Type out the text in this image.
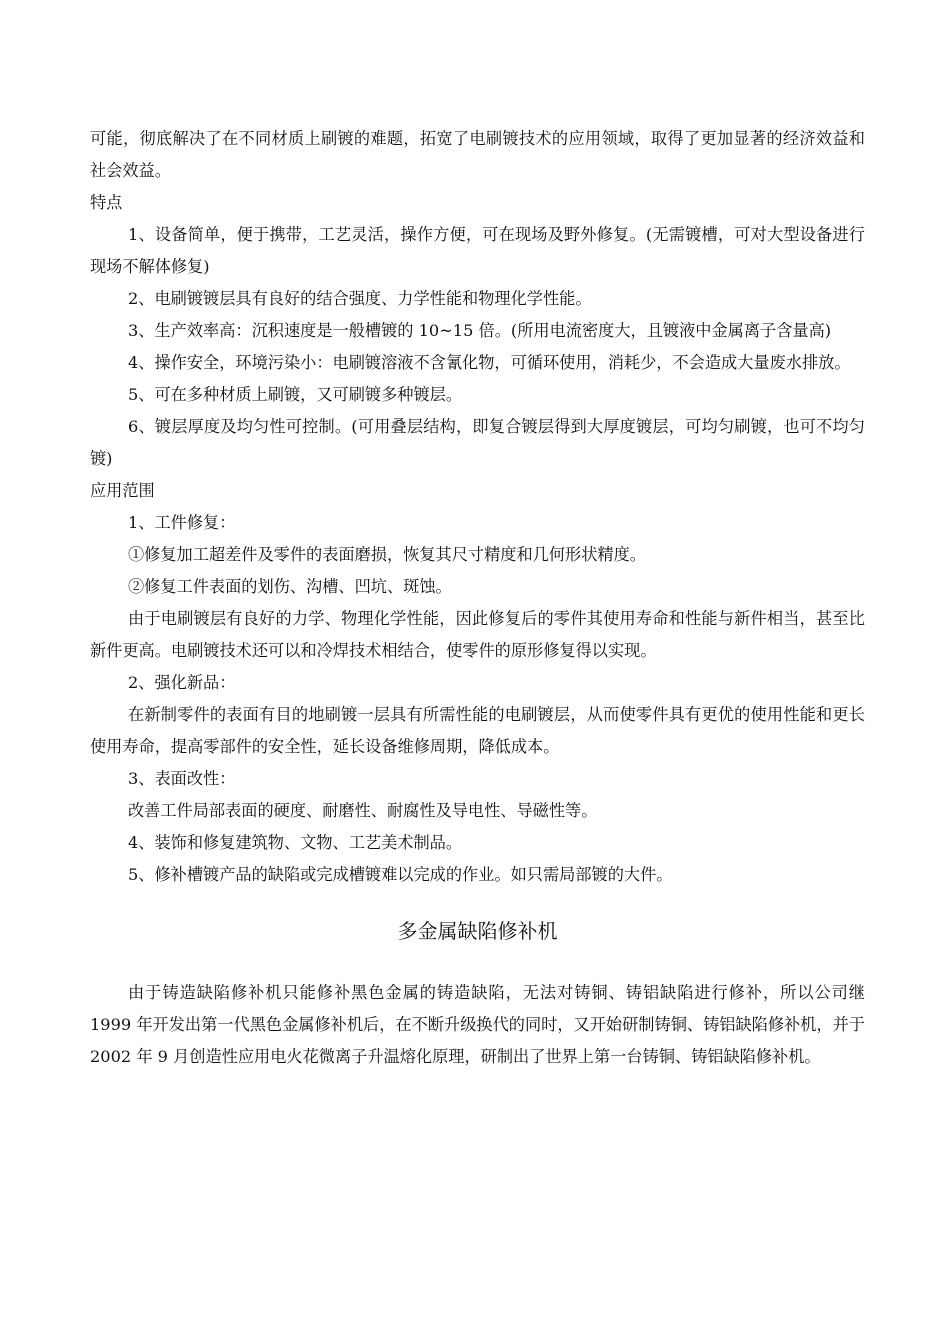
可能，彻底解决了在不同材质上刷镀的难题，拓宽了电刷镀技术的应用领域，取得了更加显著的经济效益和社会效益。

特点

1、设备简单，便于携带，工艺灵活，操作方便，可在现场及野外修复。(无需镀槽，可对大型设备进行现场不解体修复)

2、电刷镀镀层具有良好的结合强度、力学性能和物理化学性能。

3、生产效率高：沉积速度是一般槽镀的 10~15 倍。(所用电流密度大，且镀液中金属离子含量高)

4、操作安全，环境污染小：电刷镀溶液不含氰化物，可循环使用，消耗少，不会造成大量废水排放。

5、可在多种材质上刷镀，又可刷镀多种镀层。

6、镀层厚度及均匀性可控制。(可用叠层结构，即复合镀层得到大厚度镀层，可均匀刷镀，也可不均匀镀)

应用范围

1、工件修复：

①修复加工超差件及零件的表面磨损，恢复其尺寸精度和几何形状精度。

②修复工件表面的划伤、沟槽、凹坑、斑蚀。

由于电刷镀层有良好的力学、物理化学性能，因此修复后的零件其使用寿命和性能与新件相当，甚至比新件更高。电刷镀技术还可以和冷焊技术相结合，使零件的原形修复得以实现。

2、强化新品：

在新制零件的表面有目的地刷镀一层具有所需性能的电刷镀层，从而使零件具有更优的使用性能和更长使用寿命，提高零部件的安全性，延长设备维修周期，降低成本。

3、表面改性：

改善工件局部表面的硬度、耐磨性、耐腐性及导电性、导磁性等。

4、装饰和修复建筑物、文物、工艺美术制品。

5、修补槽镀产品的缺陷或完成槽镀难以完成的作业。如只需局部镀的大件。

多金属缺陷修补机

由于铸造缺陷修补机只能修补黑色金属的铸造缺陷，无法对铸铜、铸铝缺陷进行修补，所以公司继 1999 年开发出第一代黑色金属修补机后，在不断升级换代的同时，又开始研制铸铜、铸铝缺陷修补机，并于 2002 年 9 月创造性应用电火花微离子升温熔化原理，研制出了世界上第一台铸铜、铸铝缺陷修补机。
